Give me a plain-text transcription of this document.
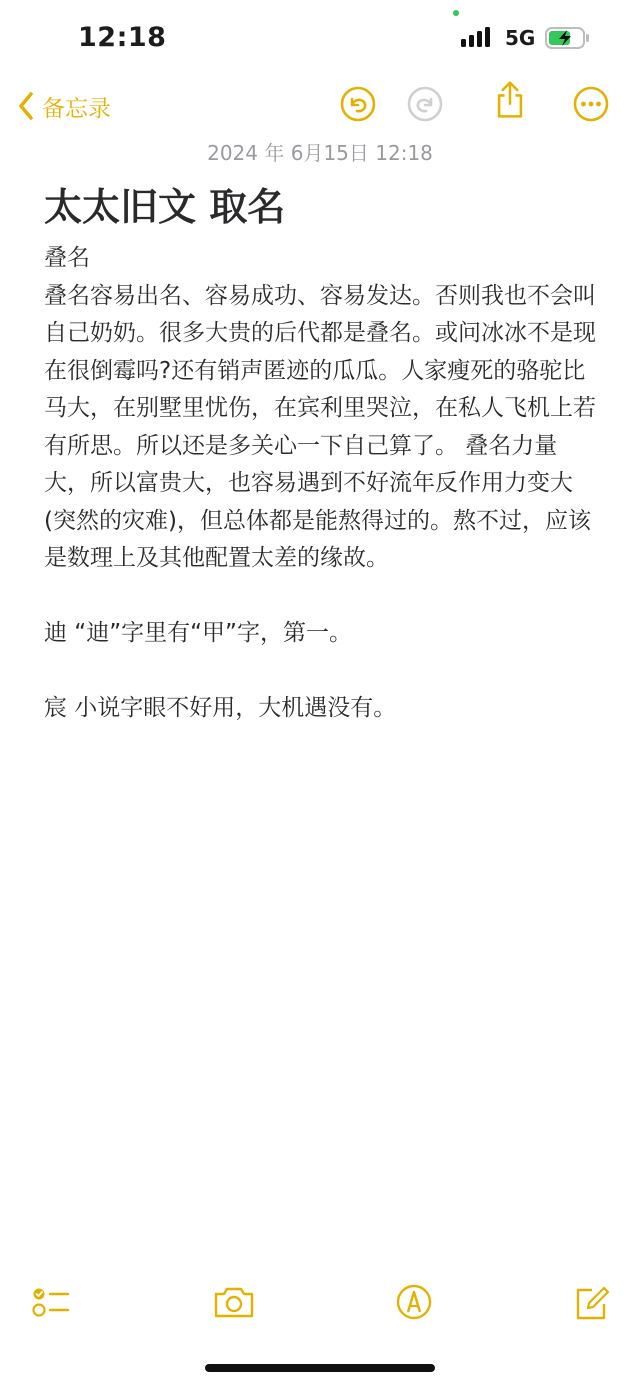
12:18	5G
备忘录
2024 年 6月15日 12:18
太太旧文 取名

叠名

叠名容易出名、容易成功、容易发达。否则我也不会叫自己奶奶。很多大贵的后代都是叠名。或问冰冰不是现在很倒霉吗?还有销声匿迹的瓜瓜。人家瘦死的骆驼比马大，在别墅里忧伤，在宾利里哭泣，在私人飞机上若有所思。所以还是多关心一下自己算了。 叠名力量大，所以富贵大，也容易遇到不好流年反作用力变大 (突然的灾难)，但总体都是能熬得过的。熬不过，应该是数理上及其他配置太差的缘故。

迪 “迪”字里有“甲”字，第一。

宸 小说字眼不好用，大机遇没有。
